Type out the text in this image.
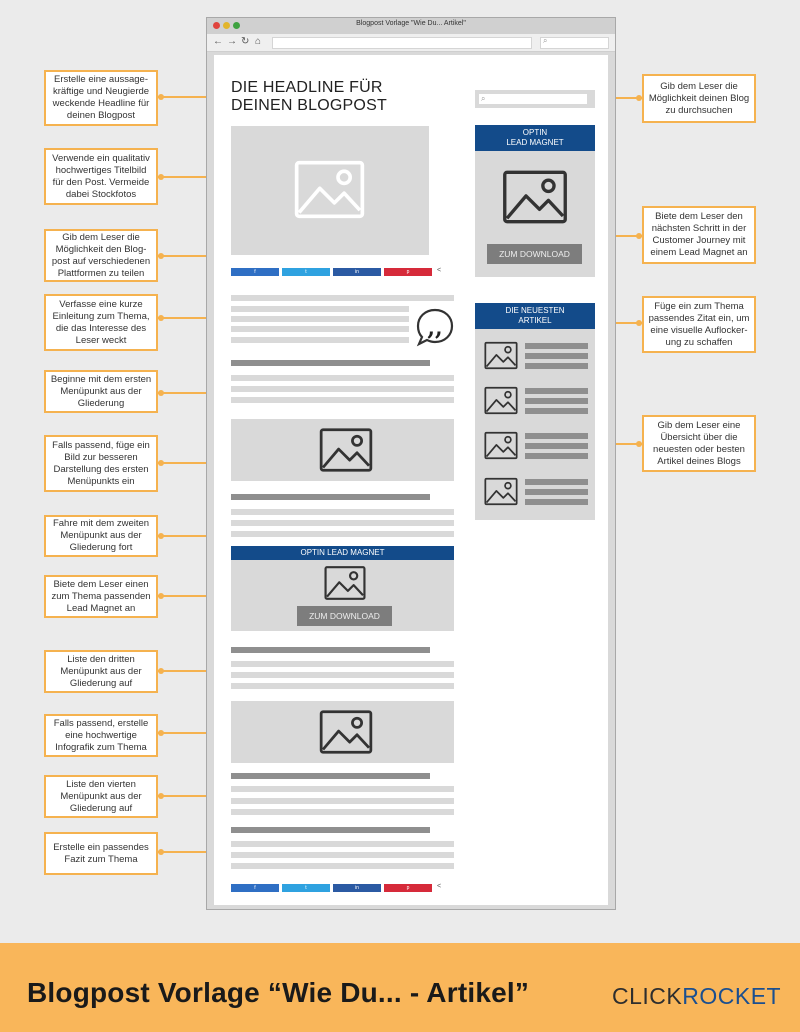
Blogpost Vorlage "Wie Du... Artikel"
← → ↻ ⌂	⌕
DIE HEADLINE FÜR
DEINEN BLOGPOST
f	t	in	p	<
f	t	in	p	<
,,
OPTIN LEAD MAGNET
ZUM DOWNLOAD
⌕
OPTIN
LEAD MAGNET
ZUM DOWNLOAD
DIE NEUESTEN
ARTIKEL
Erstelle eine aussage-kräftige und Neugierde weckende Headline für deinen Blogpost
Verwende ein qualitativ hochwertiges Titelbild für den Post. Vermeide dabei Stockfotos
Gib dem Leser die Möglichkeit den Blog-post auf verschiedenen Plattformen zu teilen
Verfasse eine kurze Einleitung zum Thema, die das Interesse des Leser weckt
Beginne mit dem ersten Menüpunkt aus der Gliederung
Falls passend, füge ein Bild zur besseren Darstellung des ersten Menüpunkts ein
Fahre mit dem zweiten Menüpunkt aus der Gliederung fort
Biete dem Leser einen zum Thema passenden Lead Magnet an
Liste den dritten Menüpunkt aus der Gliederung auf
Falls passend, erstelle eine hochwertige Infografik zum Thema
Liste den vierten Menüpunkt aus der Gliederung auf
Erstelle ein passendes Fazit zum Thema
Gib dem Leser die Möglichkeit deinen Blog zu durchsuchen
Biete dem Leser den nächsten Schritt in der Customer Journey mit einem Lead Magnet an
Füge ein zum Thema passendes Zitat ein, um eine visuelle Auflocker-ung zu schaffen
Gib dem Leser eine Übersicht über die neuesten oder besten Artikel deines Blogs
Blogpost Vorlage “Wie Du... - Artikel”	CLICKROCKET
